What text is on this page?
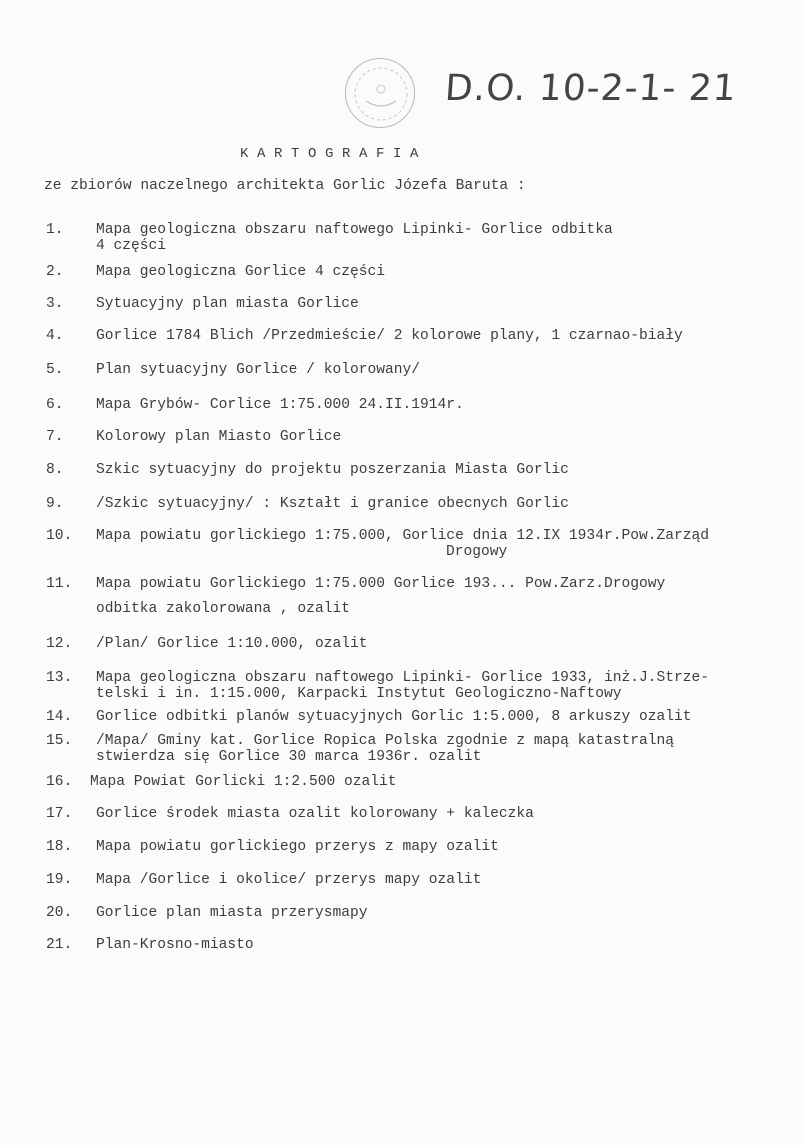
D.O. 10-2-1- 21
KARTOGRAFIA
ze zbiorów naczelnego architekta Gorlic Józefa Baruta :
1. Mapa geologiczna obszaru naftowego Lipinki- Gorlice odbitka
4 części
2. Mapa geologiczna Gorlice 4 części
3. Sytuacyjny plan miasta Gorlice
4. Gorlice 1784 Blich /Przedmieście/ 2 kolorowe plany, 1 czarnao-biały
5. Plan sytuacyjny Gorlice / kolorowany/
6. Mapa Grybów- Corlice 1:75.000 24.II.1914r.
7. Kolorowy plan Miasto Gorlice
8. Szkic sytuacyjny do projektu poszerzania Miasta Gorlic
9. /Szkic sytuacyjny/ : Kształt i granice obecnych Gorlic
10. Mapa powiatu gorlickiego 1:75.000, Gorlice dnia 12.IX 1934r.Pow.Zarząd
Drogowy
11. Mapa powiatu Gorlickiego 1:75.000 Gorlice 193... Pow.Zarz.Drogowy
odbitka zakolorowana , ozalit
12. /Plan/ Gorlice 1:10.000, ozalit
13. Mapa geologiczna obszaru naftowego Lipinki- Gorlice 1933, inż.J.Strze-
telski i in. 1:15.000, Karpacki Instytut Geologiczno-Naftowy
14. Gorlice odbitki planów sytuacyjnych Gorlic 1:5.000, 8 arkuszy ozalit
15. /Mapa/ Gminy kat. Gorlice Ropica Polska zgodnie z mapą katastralną
stwierdza się Gorlice 30 marca 1936r. ozalit
16. Mapa Powiat Gorlicki 1:2.500 ozalit
17. Gorlice środek miasta ozalit kolorowany + kaleczka
18. Mapa powiatu gorlickiego przerys z mapy ozalit
19. Mapa /Gorlice i okolice/ przerys mapy ozalit
20. Gorlice plan miasta przerysmapy
21. Plan-Krosno-miasto
